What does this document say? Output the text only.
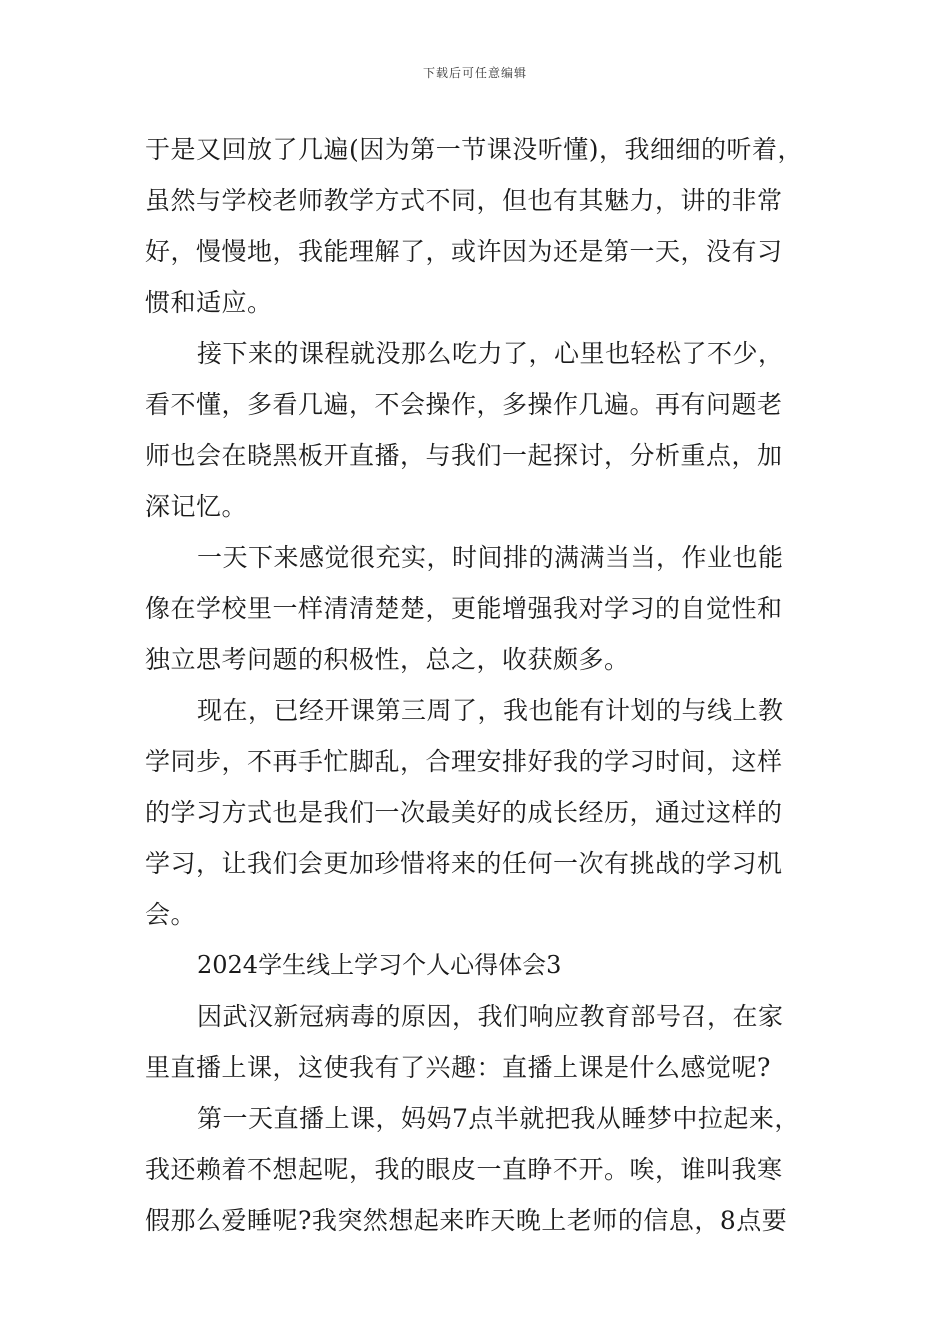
下载后可任意编辑
于是又回放了几遍(因为第一节课没听懂)，我细细的听着，
虽然与学校老师教学方式不同，但也有其魅力，讲的非常
好，慢慢地，我能理解了，或许因为还是第一天，没有习
惯和适应。
接下来的课程就没那么吃力了，心里也轻松了不少，
看不懂，多看几遍，不会操作，多操作几遍。再有问题老
师也会在晓黑板开直播，与我们一起探讨，分析重点，加
深记忆。
一天下来感觉很充实，时间排的满满当当，作业也能
像在学校里一样清清楚楚，更能增强我对学习的自觉性和
独立思考问题的积极性，总之，收获颇多。
现在，已经开课第三周了，我也能有计划的与线上教
学同步，不再手忙脚乱，合理安排好我的学习时间，这样
的学习方式也是我们一次最美好的成长经历，通过这样的
学习，让我们会更加珍惜将来的任何一次有挑战的学习机
会。
2024学生线上学习个人心得体会3
因武汉新冠病毒的原因，我们响应教育部号召，在家
里直播上课，这使我有了兴趣：直播上课是什么感觉呢?
第一天直播上课，妈妈7点半就把我从睡梦中拉起来，
我还赖着不想起呢，我的眼皮一直睁不开。唉，谁叫我寒
假那么爱睡呢?我突然想起来昨天晚上老师的信息，8点要
